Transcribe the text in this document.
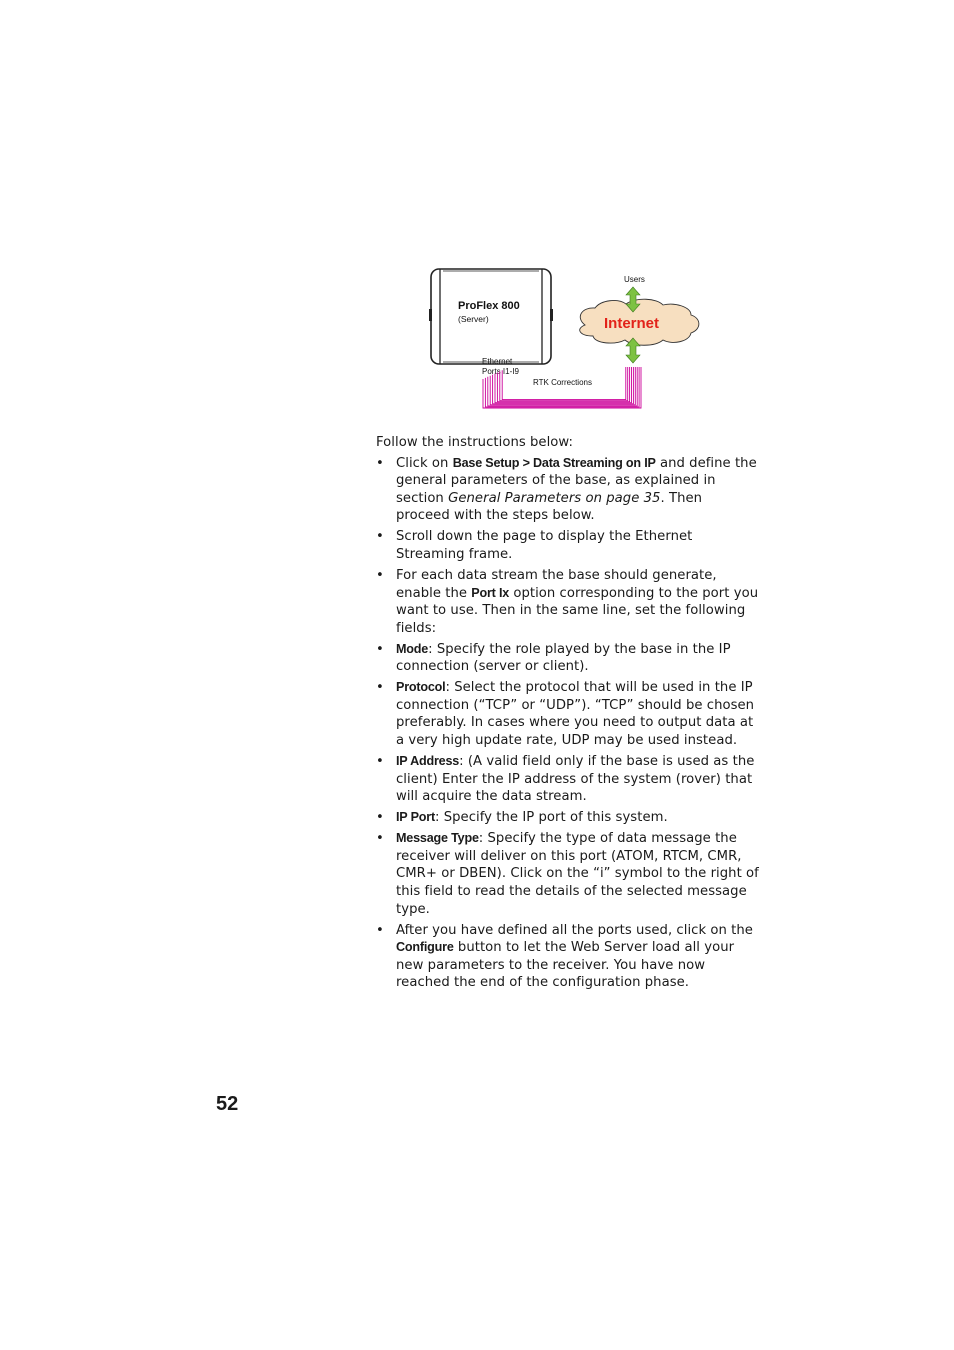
ProFlex 800
(Server)
Ethernet
Ports I1-I9
RTK Corrections
Internet
Users

Follow the instructions below:

• Click on Base Setup > Data Streaming on IP and define the general parameters of the base, as explained in section General Parameters on page 35. Then proceed with the steps below.
• Scroll down the page to display the Ethernet Streaming frame.
• For each data stream the base should generate, enable the Port Ix option corresponding to the port you want to use. Then in the same line, set the following fields:
• Mode: Specify the role played by the base in the IP connection (server or client).
• Protocol: Select the protocol that will be used in the IP connection (“TCP” or “UDP”). “TCP” should be chosen preferably. In cases where you need to output data at a very high update rate, UDP may be used instead.
• IP Address: (A valid field only if the base is used as the client) Enter the IP address of the system (rover) that will acquire the data stream.
• IP Port: Specify the IP port of this system.
• Message Type: Specify the type of data message the receiver will deliver on this port (ATOM, RTCM, CMR, CMR+ or DBEN). Click on the “i” symbol to the right of this field to read the details of the selected message type.
• After you have defined all the ports used, click on the Configure button to let the Web Server load all your new parameters to the receiver. You have now reached the end of the configuration phase.
52
